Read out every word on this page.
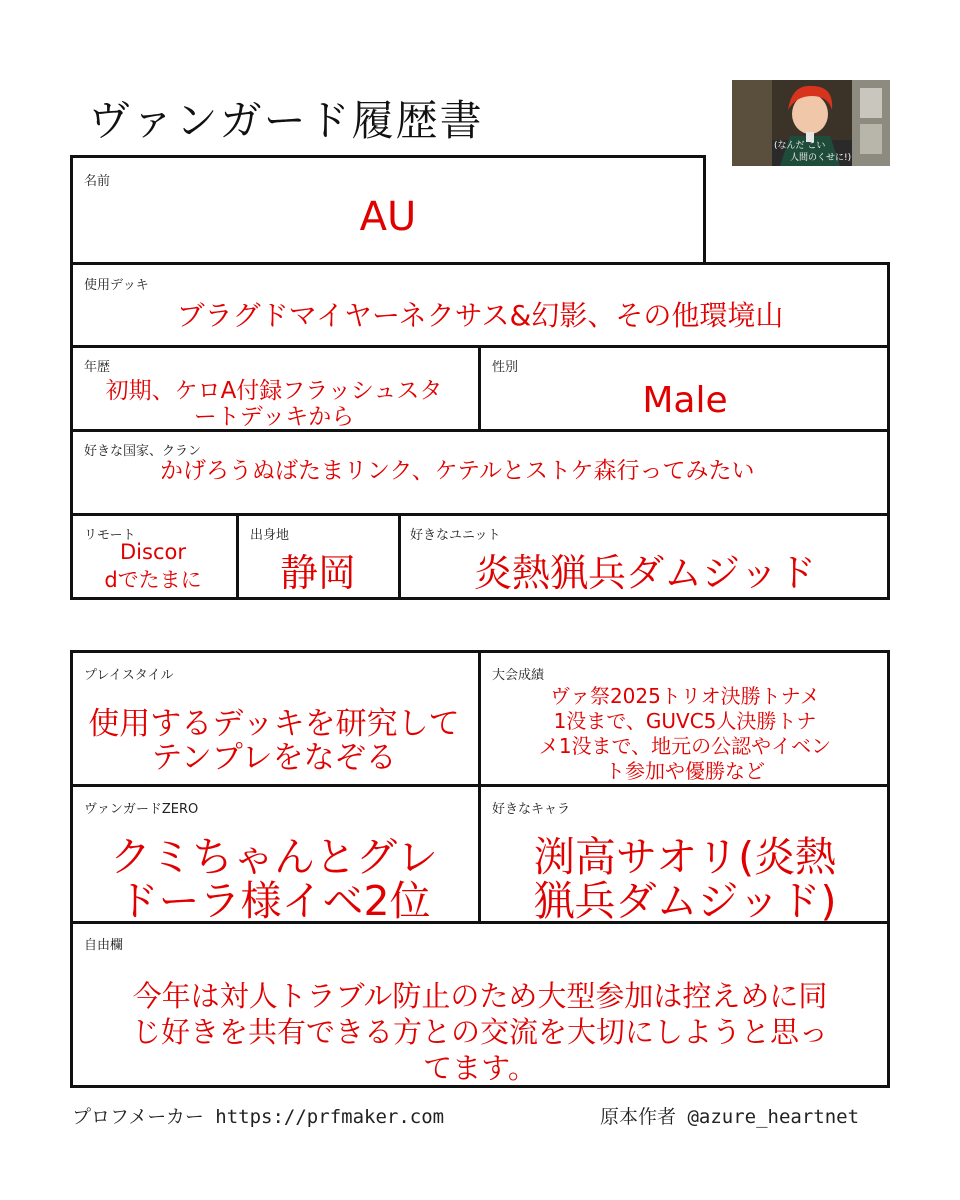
ヴァンガード履歴書
(なんだ こい
人間のくせに!)
名前
AU
使用デッキ
ブラグドマイヤーネクサス&幻影、その他環境山
年歴
初期、ケロA付録フラッシュスタ
ートデッキから
性別
Male
好きな国家、クラン
かげろうぬばたまリンク、ケテルとストケ森行ってみたい
リモート
Discor
dでたまに
出身地
静岡
好きなユニット
炎熱猟兵ダムジッド
プレイスタイル
使用するデッキを研究して
テンプレをなぞる
大会成績
ヴァ祭2025トリオ決勝トナメ
1没まで、GUVC5人決勝トナ
メ1没まで、地元の公認やイベン
ト参加や優勝など
ヴァンガードZERO
クミちゃんとグレ
ドーラ様イベ2位
好きなキャラ
渕高サオリ(炎熱
猟兵ダムジッド)
自由欄
今年は対人トラブル防止のため大型参加は控えめに同
じ好きを共有できる方との交流を大切にしようと思っ
てます。
プロフメーカー https://prfmaker.com	原本作者 @azure_heartnet
